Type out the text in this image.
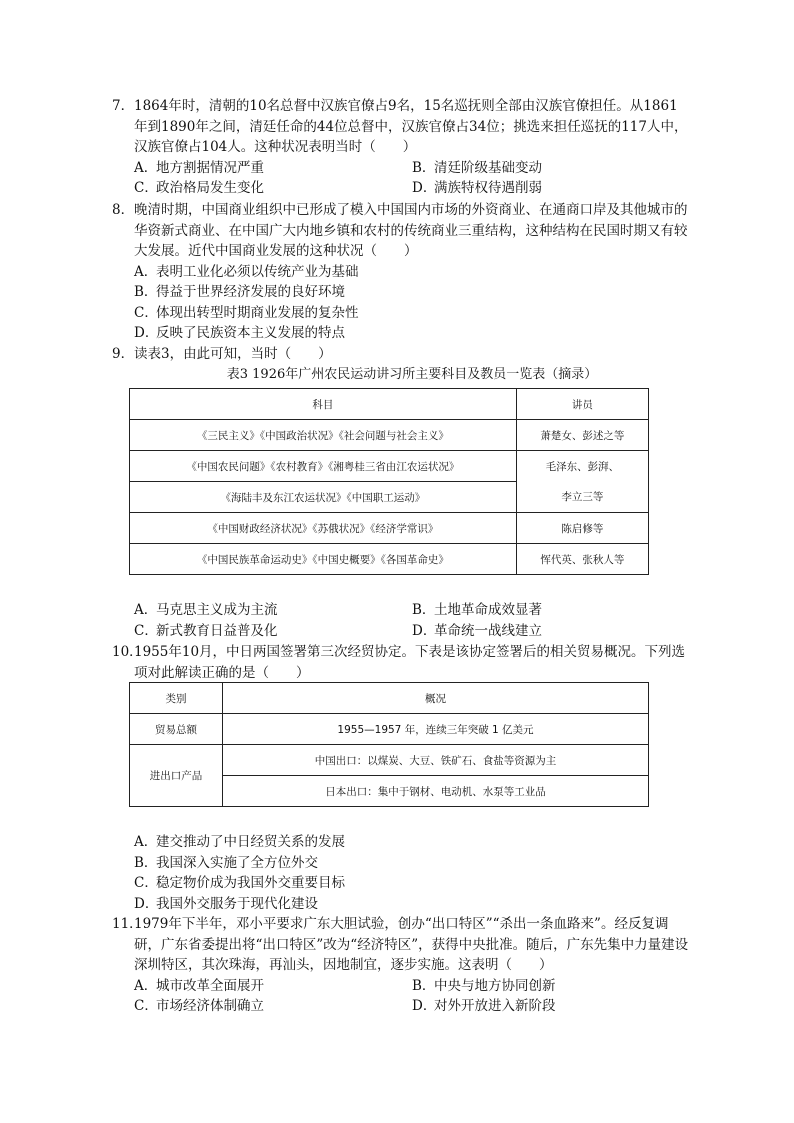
7．1864年时，清朝的10名总督中汉族官僚占9名，15名巡抚则全部由汉族官僚担任。从1861年到1890年之间，清廷任命的44位总督中，汉族官僚占34位；挑选来担任巡抚的117人中，汉族官僚占104人。这种状况表明当时（　　）

A．地方割据情况严重	B．清廷阶级基础变动
C．政治格局发生变化	D．满族特权待遇削弱

8．晚清时期，中国商业组织中已形成了模入中国国内市场的外资商业、在通商口岸及其他城市的华资新式商业、在中国广大内地乡镇和农村的传统商业三重结构，这种结构在民国时期又有较大发展。近代中国商业发展的这种状况（　　）

A．表明工业化必须以传统产业为基础
B．得益于世界经济发展的良好环境
C．体现出转型时期商业发展的复杂性
D．反映了民族资本主义发展的特点

9．读表3，由此可知，当时（　　）

表3 1926年广州农民运动讲习所主要科目及教员一览表（摘录）

科目	讲员
《三民主义》《中国政治状况》《社会问题与社会主义》	萧楚女、彭述之等
《中国农民问题》《农村教育》《湘粤桂三省由江农运状况》	毛泽东、彭湃、
《海陆丰及东江农运状况》《中国职工运动》	李立三等
《中国财政经济状况》《苏俄状况》《经济学常识》	陈启修等
《中国民族革命运动史》《中国史概要》《各国革命史》	恽代英、张秋人等
A．马克思主义成为主流	B．土地革命成效显著
C．新式教育日益普及化	D．革命统一战线建立

10．1955年10月，中日两国签署第三次经贸协定。下表是该协定签署后的相关贸易概况。下列选项对此解读正确的是（　　）

类别	概况
贸易总额	1955—1957 年，连续三年突破 1 亿美元
进出口产品	中国出口：以煤炭、大豆、铁矿石、食盐等资源为主
	日本出口：集中于钢材、电动机、水泵等工业品
A．建交推动了中日经贸关系的发展
B．我国深入实施了全方位外交
C．稳定物价成为我国外交重要目标
D．我国外交服务于现代化建设

11．1979年下半年，邓小平要求广东大胆试验，创办“出口特区”“杀出一条血路来”。经反复调研，广东省委提出将“出口特区”改为“经济特区”，获得中央批准。随后，广东先集中力量建设深圳特区，其次珠海，再汕头，因地制宜，逐步实施。这表明（　　）

A．城市改革全面展开	B．中央与地方协同创新
C．市场经济体制确立	D．对外开放进入新阶段
